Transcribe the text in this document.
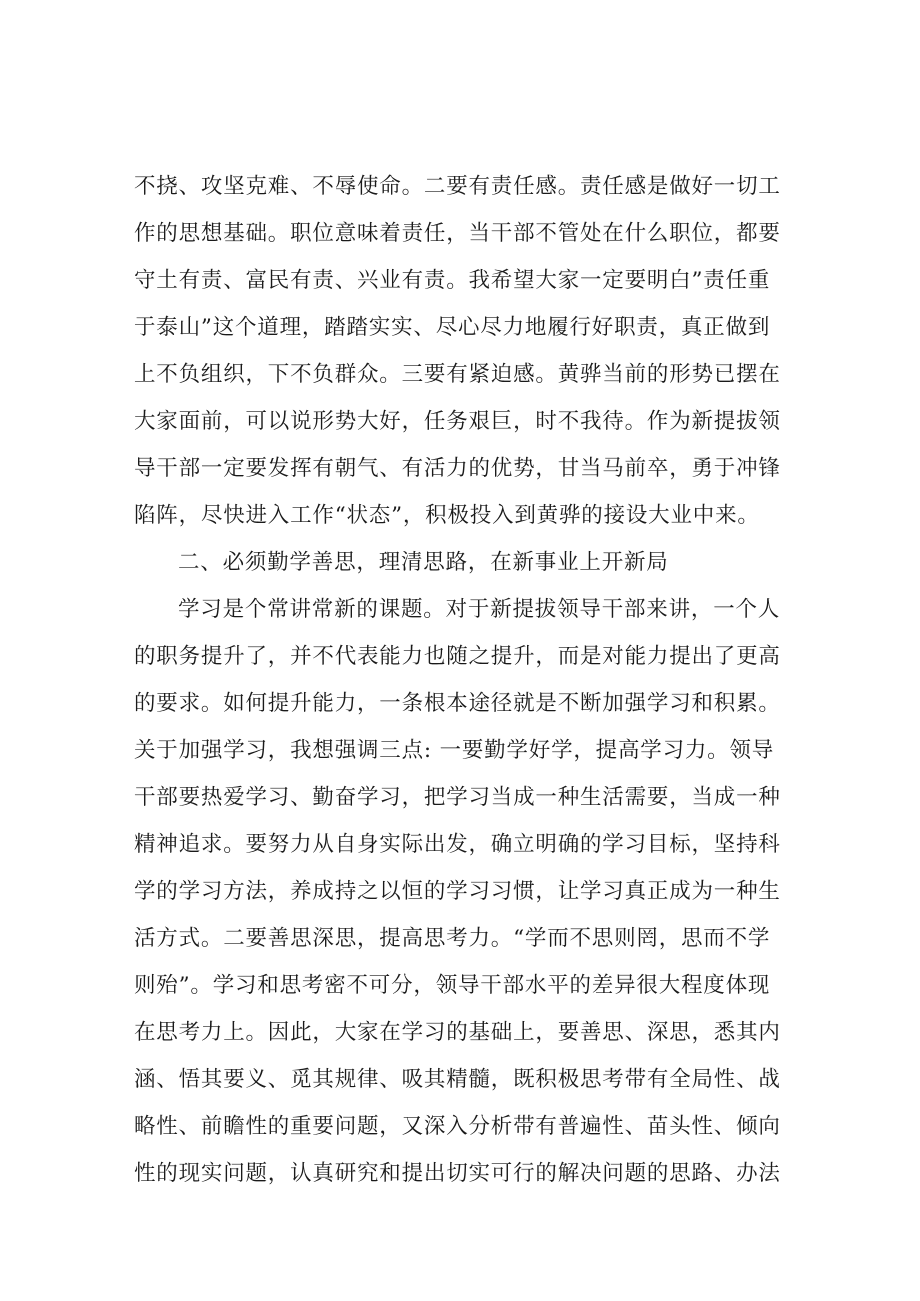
不挠、攻坚克难、不辱使命。二要有责任感。责任感是做好一切工
作的思想基础。职位意味着责任，当干部不管处在什么职位，都要
守土有责、富民有责、兴业有责。我希望大家一定要明白”责任重
于泰山”这个道理，踏踏实实、尽心尽力地履行好职责，真正做到
上不负组织，下不负群众。三要有紧迫感。黄骅当前的形势已摆在
大家面前，可以说形势大好，任务艰巨，时不我待。作为新提拔领
导干部一定要发挥有朝气、有活力的优势，甘当马前卒，勇于冲锋
陷阵，尽快进入工作“状态”，积极投入到黄骅的接设大业中来。
二、必须勤学善思，理清思路，在新事业上开新局
学习是个常讲常新的课题。对于新提拔领导干部来讲，一个人
的职务提升了，并不代表能力也随之提升，而是对能力提出了更高
的要求。如何提升能力，一条根本途径就是不断加强学习和积累。
关于加强学习，我想强调三点: 一要勤学好学，提高学习力。领导
干部要热爱学习、勤奋学习，把学习当成一种生活需要，当成一种
精神追求。要努力从自身实际出发，确立明确的学习目标，坚持科
学的学习方法，养成持之以恒的学习习惯，让学习真正成为一种生
活方式。二要善思深思，提高思考力。“学而不思则罔，思而不学
则殆”。学习和思考密不可分，领导干部水平的差异很大程度体现
在思考力上。因此，大家在学习的基础上，要善思、深思，悉其内
涵、悟其要义、觅其规律、吸其精髓，既积极思考带有全局性、战
略性、前瞻性的重要问题，又深入分析带有普遍性、苗头性、倾向
性的现实问题，认真研究和提出切实可行的解决问题的思路、办法
